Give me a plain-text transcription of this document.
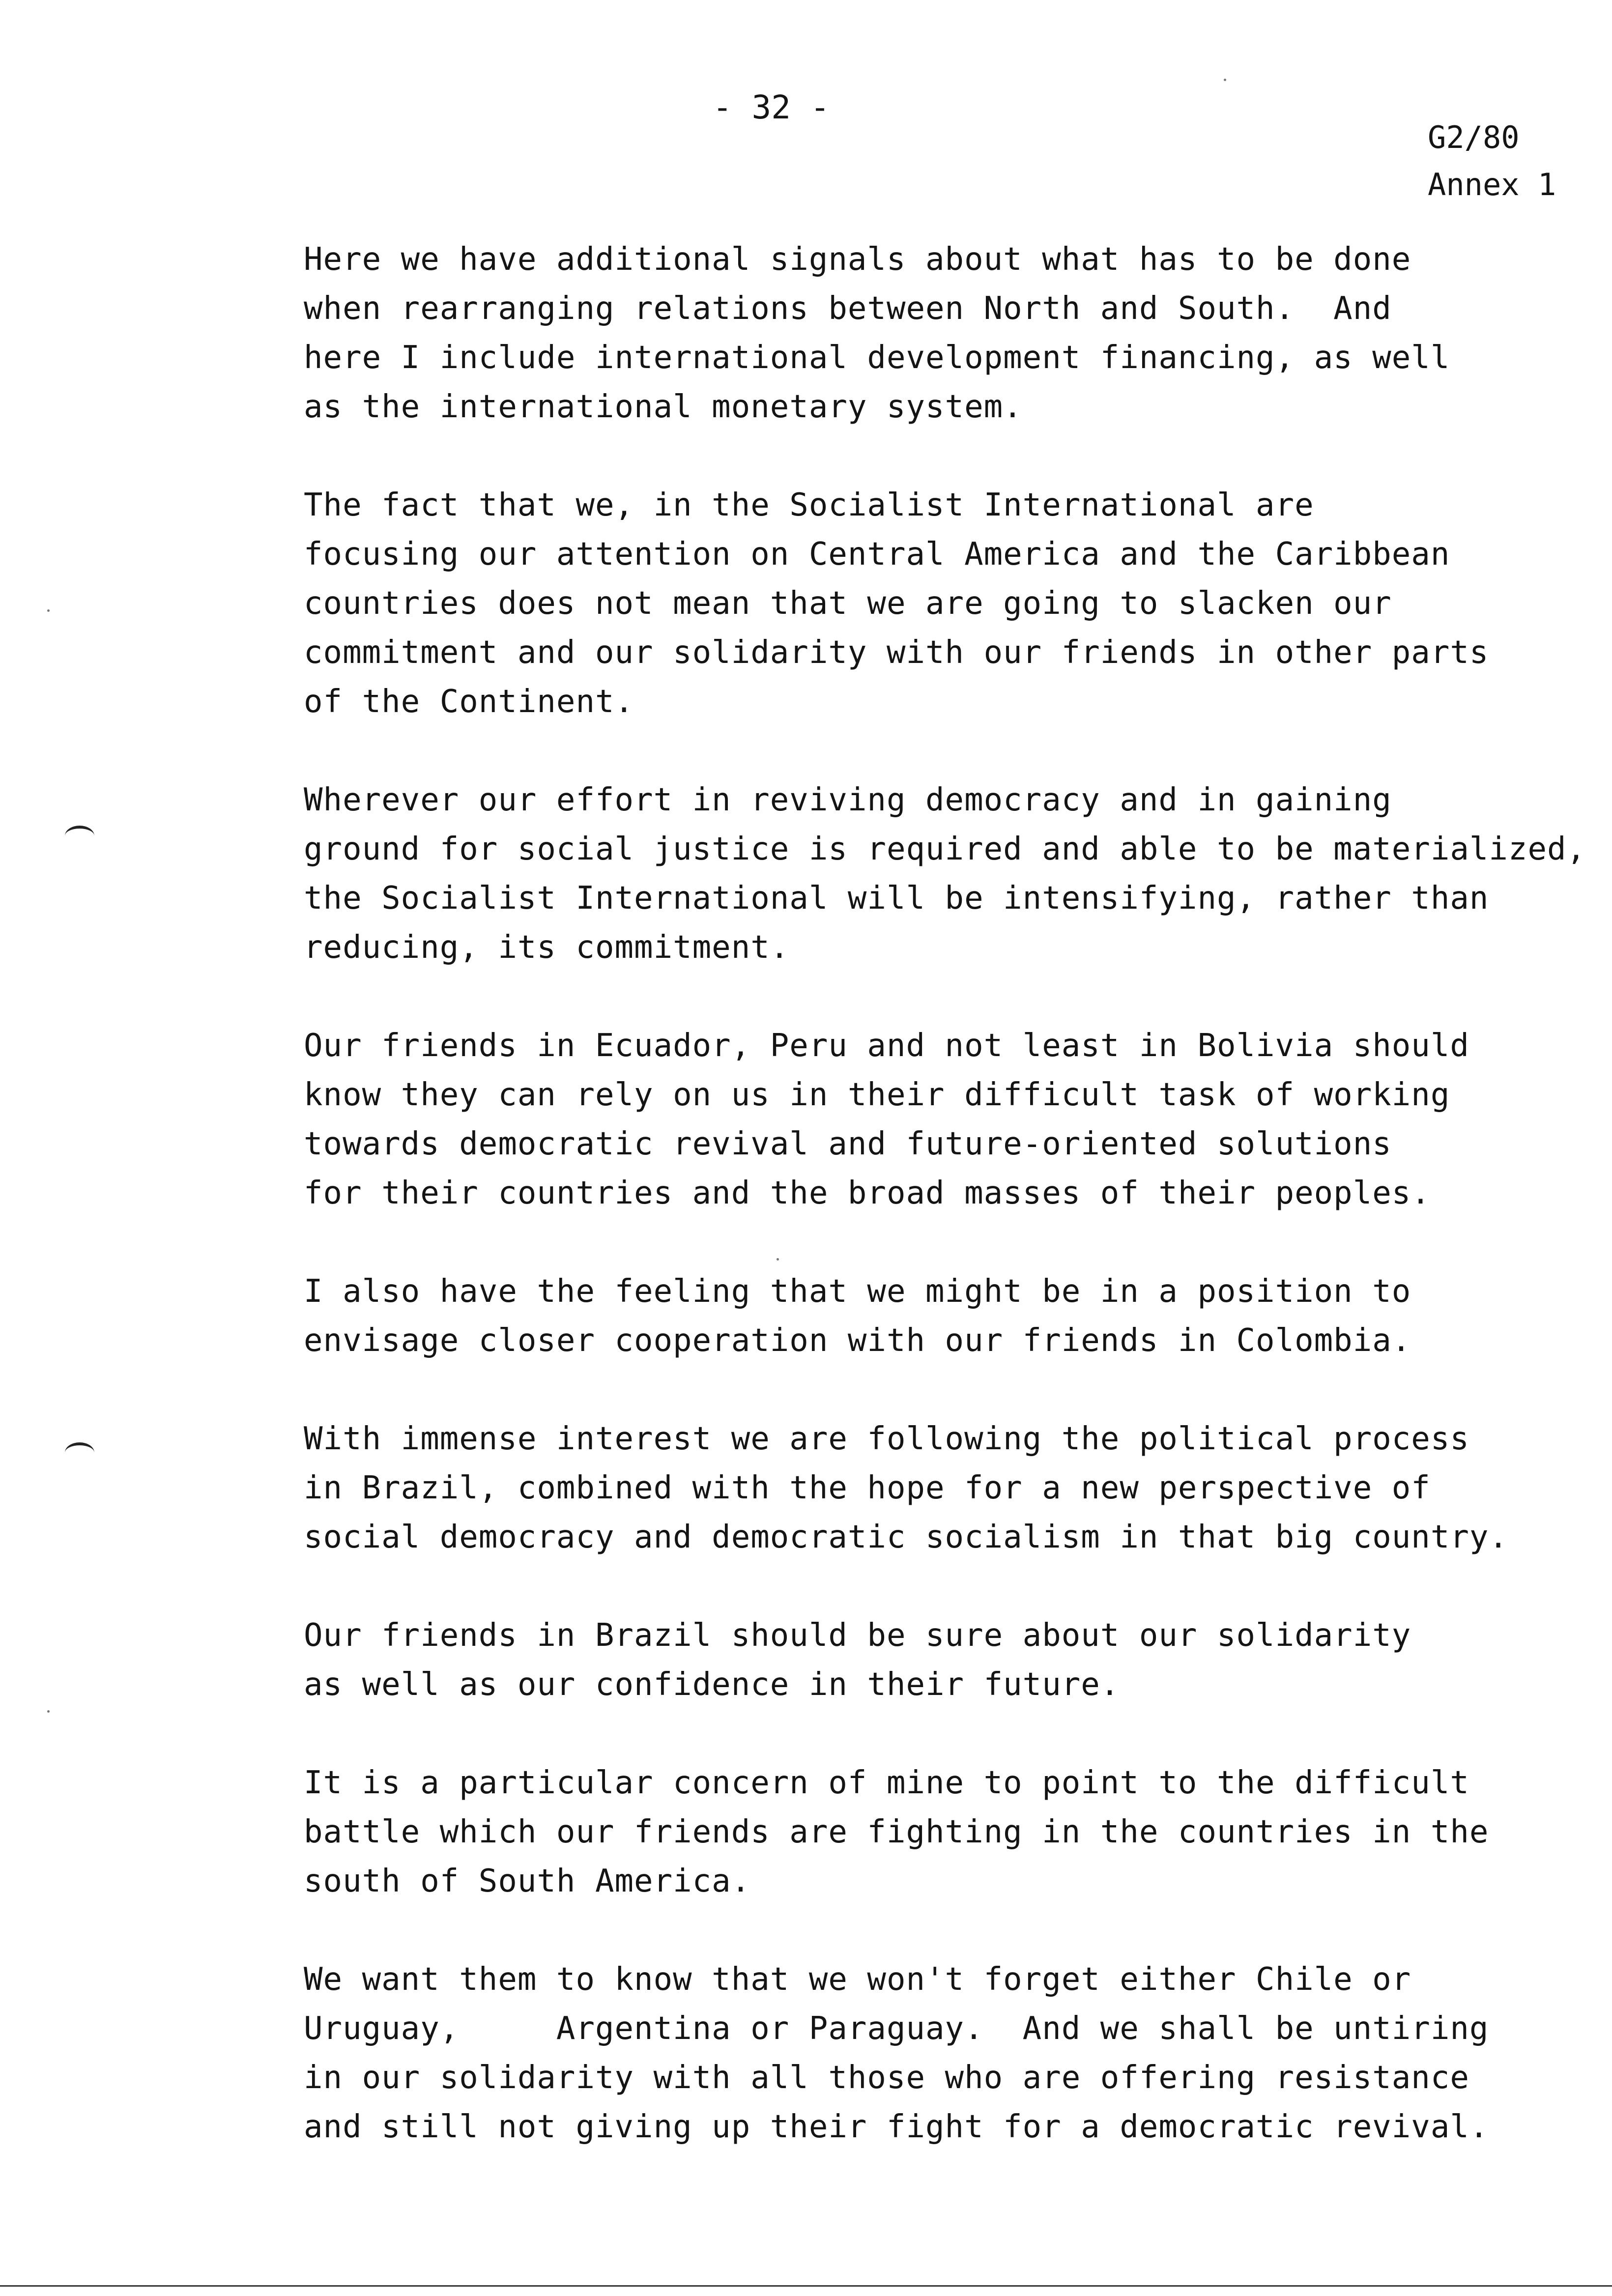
- 32 -
G2/80
Annex 1
Here we have additional signals about what has to be done
when rearranging relations between North and South.  And
here I include international development financing, as well
as the international monetary system.
The fact that we, in the Socialist International are
focusing our attention on Central America and the Caribbean
countries does not mean that we are going to slacken our
commitment and our solidarity with our friends in other parts
of the Continent.
Wherever our effort in reviving democracy and in gaining
ground for social justice is required and able to be materialized,
the Socialist International will be intensifying, rather than
reducing, its commitment.
Our friends in Ecuador, Peru and not least in Bolivia should
know they can rely on us in their difficult task of working
towards democratic revival and future-oriented solutions
for their countries and the broad masses of their peoples.
I also have the feeling that we might be in a position to
envisage closer cooperation with our friends in Colombia.
With immense interest we are following the political process
in Brazil, combined with the hope for a new perspective of
social democracy and democratic socialism in that big country.
Our friends in Brazil should be sure about our solidarity
as well as our confidence in their future.
It is a particular concern of mine to point to the difficult
battle which our friends are fighting in the countries in the
south of South America.
We want them to know that we won't forget either Chile or
Uruguay,     Argentina or Paraguay.  And we shall be untiring
in our solidarity with all those who are offering resistance
and still not giving up their fight for a democratic revival.
